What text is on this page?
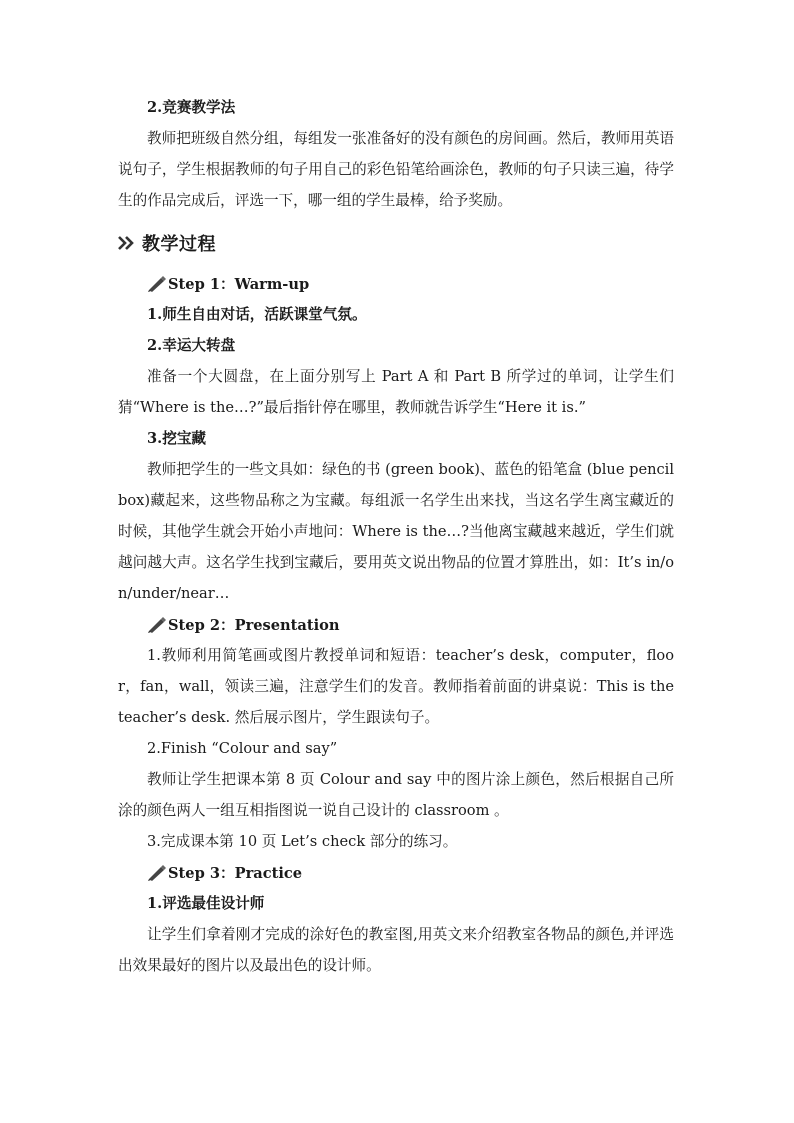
2.竞赛教学法

教师把班级自然分组，每组发一张准备好的没有颜色的房间画。然后，教师用英语说句子，学生根据教师的句子用自己的彩色铅笔给画涂色，教师的句子只读三遍，待学生的作品完成后，评选一下，哪一组的学生最棒，给予奖励。

教学过程
Step 1：Warm-up

1.师生自由对话，活跃课堂气氛。

2.幸运大转盘

准备一个大圆盘，在上面分别写上 Part A 和 Part B 所学过的单词，让学生们猜“Where is the…?”最后指针停在哪里，教师就告诉学生“Here it is.”

3.挖宝藏

教师把学生的一些文具如：绿色的书 (green book)、蓝色的铅笔盒 (blue pencil box)藏起来，这些物品称之为宝藏。每组派一名学生出来找，当这名学生离宝藏近的时候，其他学生就会开始小声地问：Where is the…?当他离宝藏越来越近，学生们就越问越大声。这名学生找到宝藏后，要用英文说出物品的位置才算胜出，如：It’s in/on/under/near…

Step 2：Presentation

1.教师利用简笔画或图片教授单词和短语：teacher’s desk，computer，floor，fan，wall，领读三遍，注意学生们的发音。教师指着前面的讲桌说：This is the teacher’s desk. 然后展示图片，学生跟读句子。

2.Finish “Colour and say”

教师让学生把课本第 8 页 Colour and say 中的图片涂上颜色，然后根据自己所涂的颜色两人一组互相指图说一说自己设计的 classroom 。

3.完成课本第 10 页 Let’s check 部分的练习。

Step 3：Practice

1.评选最佳设计师

让学生们拿着刚才完成的涂好色的教室图,用英文来介绍教室各物品的颜色,并评选出效果最好的图片以及最出色的设计师。
